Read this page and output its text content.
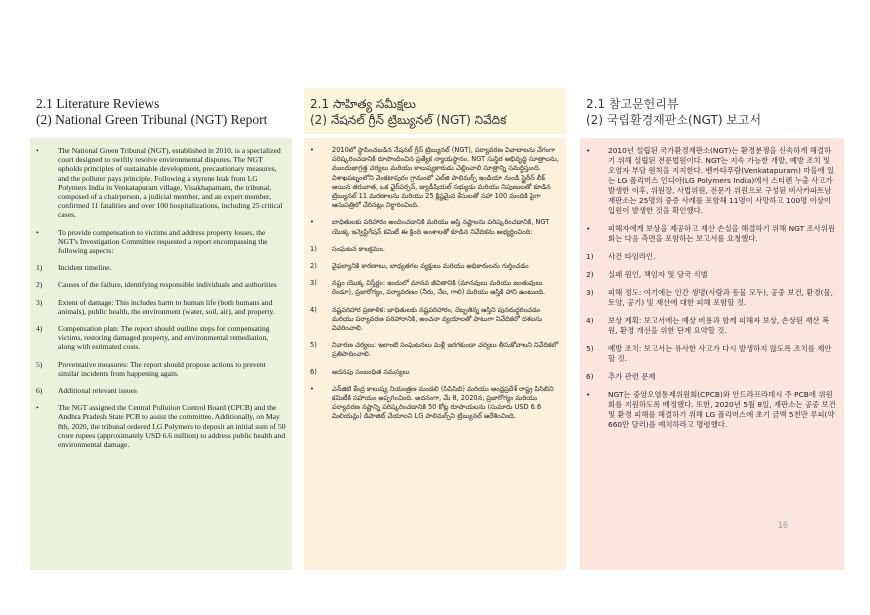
2.1 Literature Reviews
(2) National Green Tribunal (NGT) Report
•	The National Green Tribunal (NGT), established in 2010, is a specialized court designed to swiftly resolve environmental disputes. The NGT upholds principles of sustainable development, precautionary measures, and the polluter pays principle. Following a styrene leak from LG Polymers India in Venkatapuram village, Visakhapatnam, the tribunal, composed of a chairperson, a judicial member, and an expert member, confirmed 11 fatalities and over 100 hospitalizations, including 25 critical cases.
•	To provide compensation to victims and address property losses, the NGT's Investigation Committee requested a report encompassing the following aspects:
1) Incident timeline.
2) Causes of the failure, identifying responsible individuals and authorities
3) Extent of damage: This includes harm to human life (both humans and animals), public health, the environment (water, soil, air), and property.
4) Compensation plan: The report should outline steps for compensating victims, restoring damaged property, and environmental remediation, along with estimated costs.
5) Preventative measures: The report should propose actions to prevent similar incidents from happening again.
6) Additional relevant issues
•	The NGT assigned the Central Pollution Control Board (CPCB) and the Andhra Pradesh State PCB to assist the committee. Additionally, on May 8th, 2020, the tribunal ordered LG Polymers to deposit an initial sum of 50 crore rupees (approximately USD 6.6 million) to address public health and environmental damage.
2.1 సాహిత్య సమీక్షలు
(2) నేషనల్ గ్రీన్ ట్రిబ్యునల్ (NGT) నివేదిక
•	2010లో స్థాపించబడిన నేషనల్ గ్రీన్ ట్రిబ్యునల్ (NGT), పర్యావరణ వివాదాలను వేగంగా పరిష్కరించడానికి రూపొందించిన ప్రత్యేక న్యాయస్థానం. NGT సుస్థిర అభివృద్ధి సూత్రాలను, ముందుజాగ్రత్త చర్యలు మరియు కాలుష్యకారుడు చెల్లించాలి సూత్రాన్ని సమర్థిస్తుంది. విశాఖపట్నంలోని వెంకటాపురం గ్రామంలో ఎల్‌జి పాలిమర్స్ ఇండియా నుండి స్టైరీన్ లీక్ అయిన తరువాత, ఒక ఛైర్‌పర్సన్, జ్యుడీషియల్ సభ్యుడు మరియు నిపుణులతో కూడిన ట్రిబ్యునల్ 11 మరణాలను మరియు 25 క్లిష్టమైన కేసులతో సహా 100 మందికి పైగా ఆసుపత్రిలో చేరినట్లు నిర్ధారించింది.
•	బాధితులకు పరిహారం అందించడానికి మరియు ఆస్తి నష్టాలను పరిష్కరించడానికి, NGT యొక్క ఇన్వెస్టిగేషన్ కమిటీ ఈ క్రింది అంశాలతో కూడిన నివేదికను అభ్యర్థించింది:
1) సంఘటన కాలక్రమం.
2) వైఫల్యానికి కారణాలు, బాధ్యతగల వ్యక్తులు మరియు అధికారులను గుర్తించడం
3) నష్టం యొక్క విస్తీర్ణం: ఇందులో మానవ జీవితానికి (మానవులు మరియు జంతువులు రెండూ), ప్రజారోగ్యం, పర్యావరణం (నీరు, నేల, గాలి) మరియు ఆస్తికి హాని ఉంటుంది.
4) నష్టపరిహార ప్రణాళిక: బాధితులకు నష్టపరిహారం, దెబ్బతిన్న ఆస్తిని పునరుద్ధరించడం మరియు పర్యావరణ పరిహారానికి, అంచనా వ్యయాలతో పాటుగా నివేదికలో దశలను వివరించాలి.
5) నివారణ చర్యలు: ఇలాంటి సంఘటనలు మళ్లీ జరగకుండా చర్యలు తీసుకోవాలని నివేదికలో ప్రతిపాదించాలి.
6) అదనపు సంబంధిత సమస్యలు
•	ఎన్‌జిటి కేంద్ర కాలుష్య నియంత్రణ మండలి (సిపిసిబి) మరియు ఆంధ్రప్రదేశ్ రాష్ట్ర పిసిబిని కమిటీకి సహాయం అప్పగించింది. అదనంగా, మే 8, 2020న, ప్రజారోగ్యం మరియు పర్యావరణ నష్టాన్ని పరిష్కరించడానికి 50 కోట్ల రూపాయలను (సుమారు USD 6.6 మిలియన్లు) డిపాజిట్ చేయాలని LG పాలిమర్స్‌ని ట్రిబ్యునల్ ఆదేశించింది.
2.1 참고문헌리뷰
(2) 국립환경재판소(NGT) 보고서
• 2010년 설립된 국가환경재판소(NGT)는 환경분쟁을 신속하게 해결하기 위해 설립된 전문법원이다. NGT는 지속 가능한 개발, 예방 조치 및 오염자 부담 원칙을 지지한다. 벤카타푸람(Venkatapuram) 마을에 있는 LG 폴리머스 인디아(LG Polymers India)에서 스티렌 누출 사고가 발생한 이후, 위원장, 사법위원, 전문가 위원으로 구성된 비사카파트남 재판소는 25명의 중증 사례를 포함해 11명이 사망하고 100명 이상이 입원이 발생한 것을 확인했다.
• 피해자에게 보상을 제공하고 재산 손실을 해결하기 위해 NGT 조사위원회는 다음 측면을 포함하는 보고서를 요청했다.
1) 사건 타임라인.
2) 실패 원인, 책임자 및 당국 식별
3) 피해 정도: 여기에는 인간 생명(사람과 동물 모두), 공중 보건, 환경(물, 토양, 공기) 및 재산에 대한 피해 포함할 것.
4) 보상 계획: 보고서에는 예상 비용과 함께 피해자 보상, 손상된 재산 복원, 환경 개선을 위한 단계 요약할 것.
5) 예방 조치: 보고서는 유사한 사고가 다시 발생하지 않도록 조치를 제안할 것.
6) 추가 관련 문제
• NGT는 중앙오염통제위원회(CPCB)와 안드라프라데시 주 PCB에 위원회를 지원하도록 배정했다. 또한, 2020년 5월 8일, 재판소는 공중 보건 및 환경 피해를 해결하기 위해 LG 폴리머스에 초기 금액 5천만 루피(약 660만 달러)를 예치하라고 명령했다.
16
